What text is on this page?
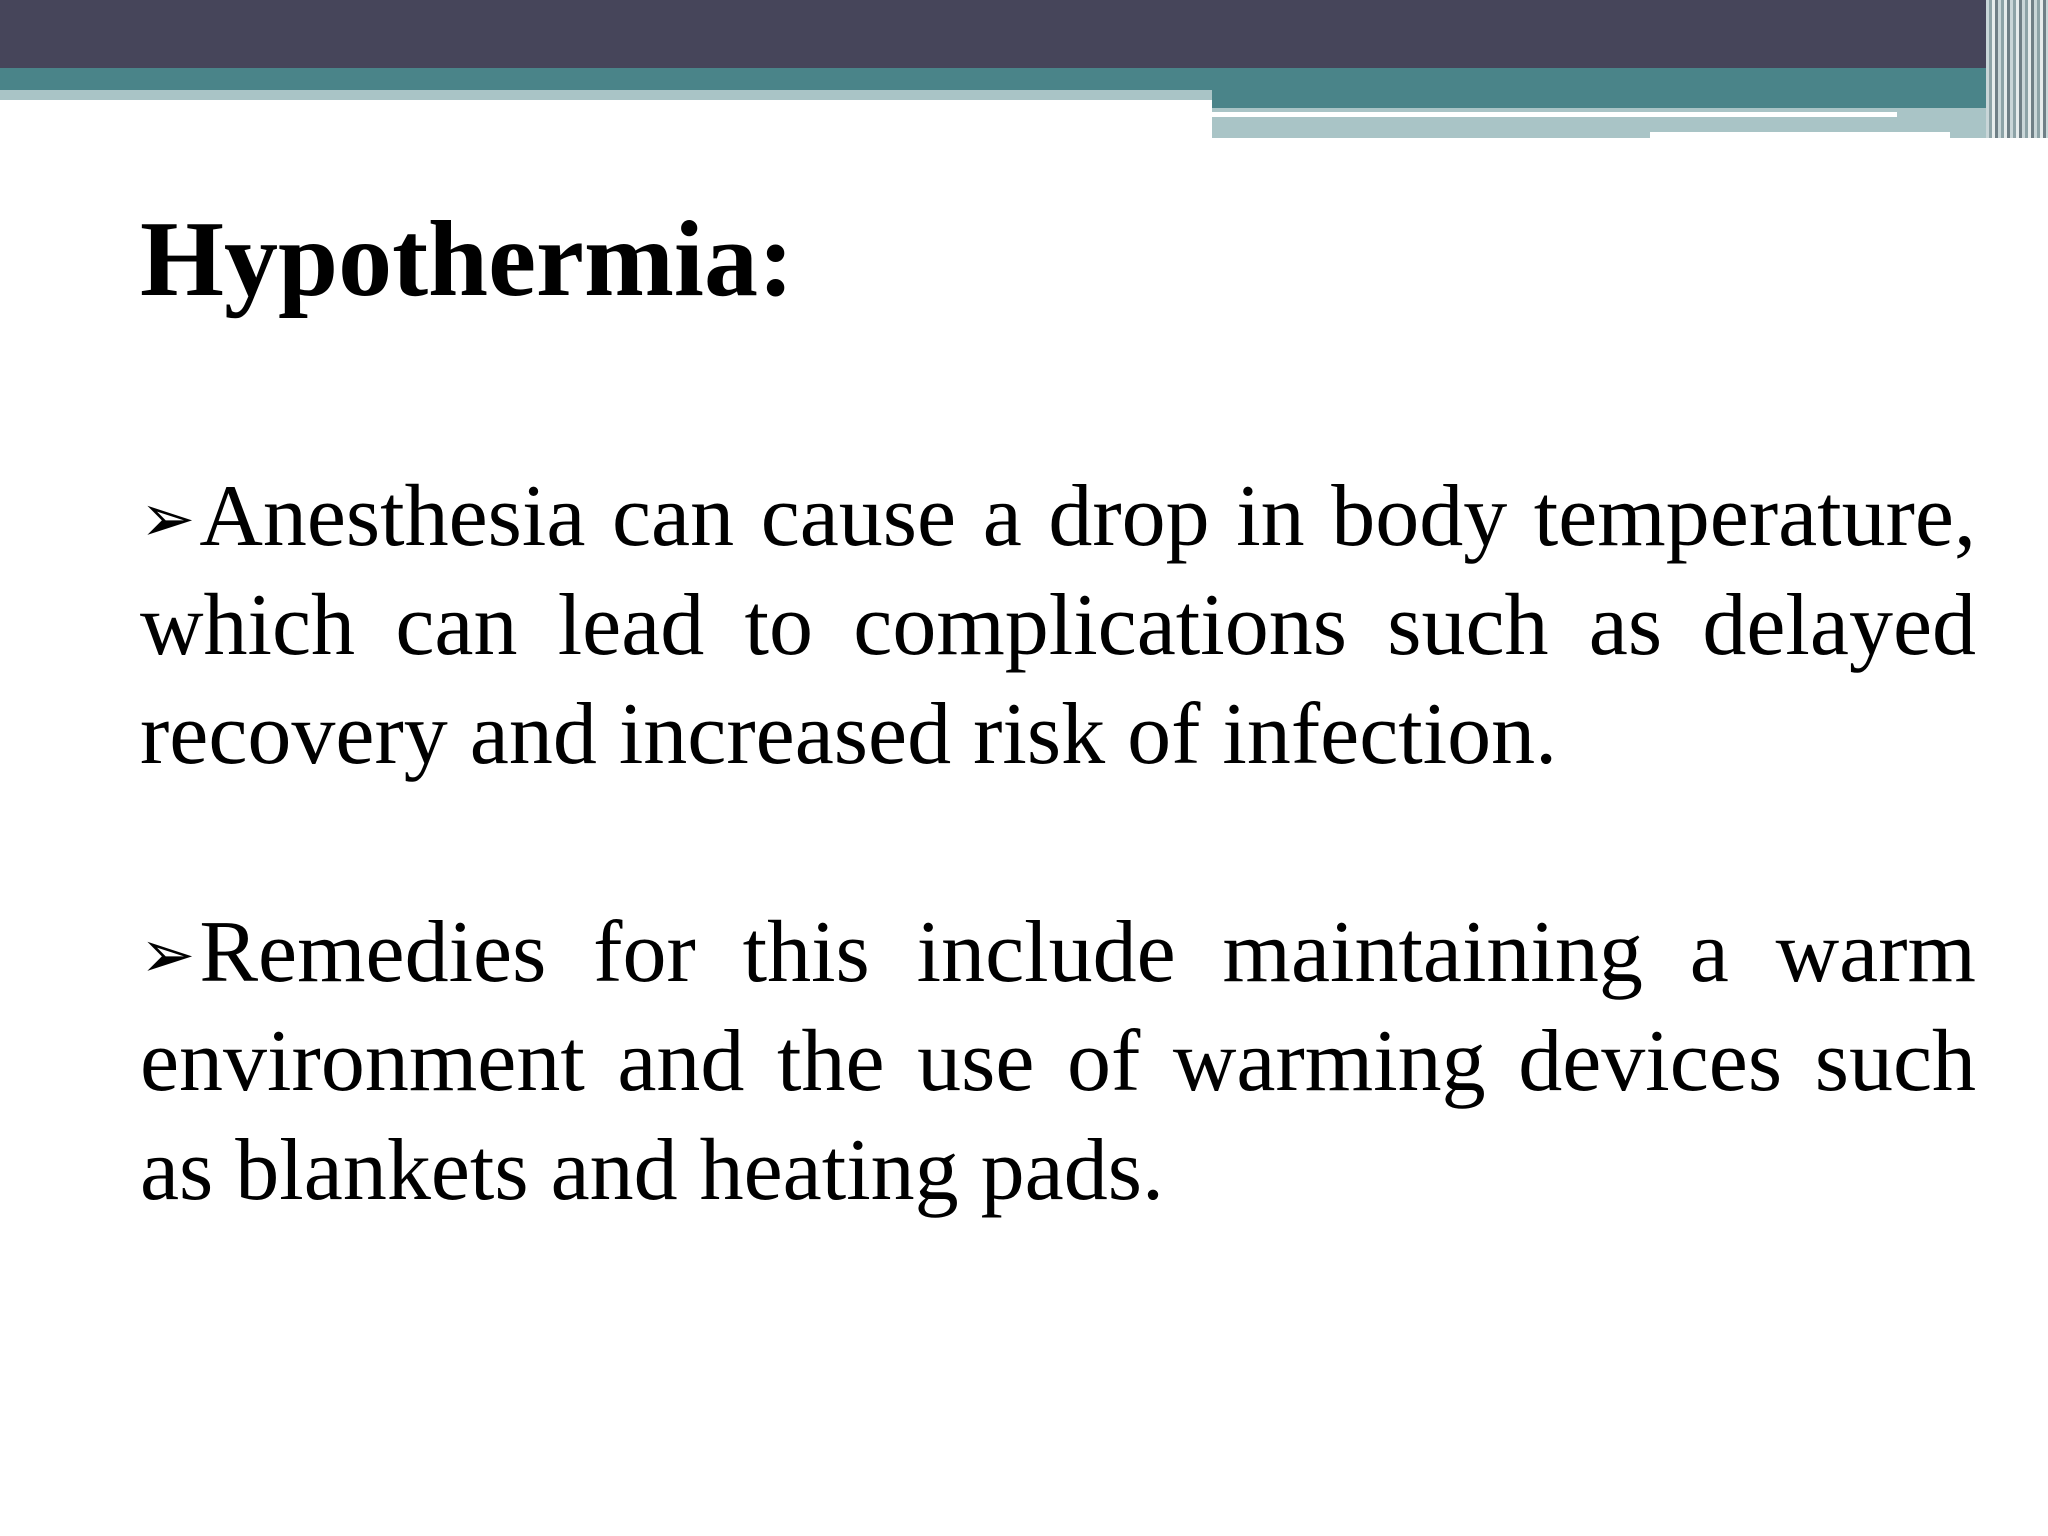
Hypothermia:
➢Anesthesia can cause a drop in body temperature, which can lead to complications such as delayed recovery and increased risk of infection.
➢Remedies for this include maintaining a warm environment and the use of warming devices such as blankets and heating pads.
